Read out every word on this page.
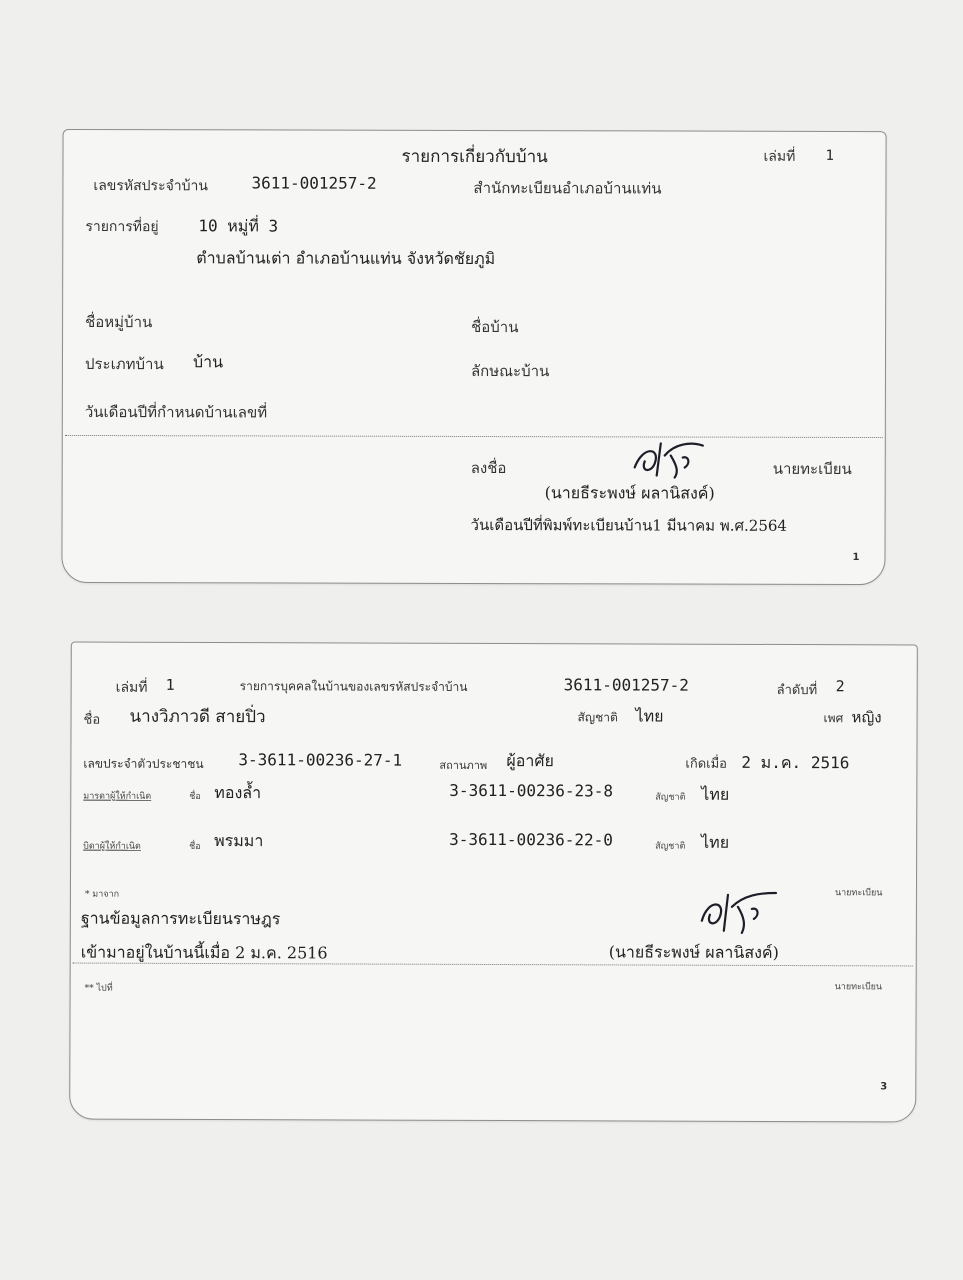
รายการเกี่ยวกับบ้าน	เล่มที่ 1
เลขรหัสประจำบ้าน	3611-001257-2	สำนักทะเบียนอำเภอบ้านแท่น
รายการที่อยู่ 10 หมู่ที่ 3
ตำบลบ้านเต่า อำเภอบ้านแท่น จังหวัดชัยภูมิ
ชื่อหมู่บ้าน	ชื่อบ้าน
ประเภทบ้าน บ้าน	ลักษณะบ้าน
วันเดือนปีที่กำหนดบ้านเลขที่
ลงชื่อ	นายทะเบียน
(นายธีระพงษ์ ผลานิสงค์)
วันเดือนปีที่พิมพ์ทะเบียนบ้าน1 มีนาคม พ.ศ.2564
1
เล่มที่ 1	รายการบุคคลในบ้านของเลขรหัสประจำบ้าน	3611-001257-2	ลำดับที่ 2
ชื่อ นางวิภาวดี สายปิ่ว	สัญชาติ ไทย	เพศ หญิง
เลขประจำตัวประชาชน 3-3611-00236-27-1	สถานภาพ ผู้อาศัย	เกิดเมื่อ 2 ม.ค. 2516
มารดาผู้ให้กำเนิด	ชื่อ ทองล้ำ	3-3611-00236-23-8	สัญชาติ ไทย
บิดาผู้ให้กำเนิด	ชื่อ พรมมา	3-3611-00236-22-0	สัญชาติ ไทย
* มาจาก	นายทะเบียน
ฐานข้อมูลการทะเบียนราษฎร
เข้ามาอยู่ในบ้านนี้เมื่อ 2 ม.ค. 2516	(นายธีระพงษ์ ผลานิสงค์)
** ไปที่	นายทะเบียน
3
